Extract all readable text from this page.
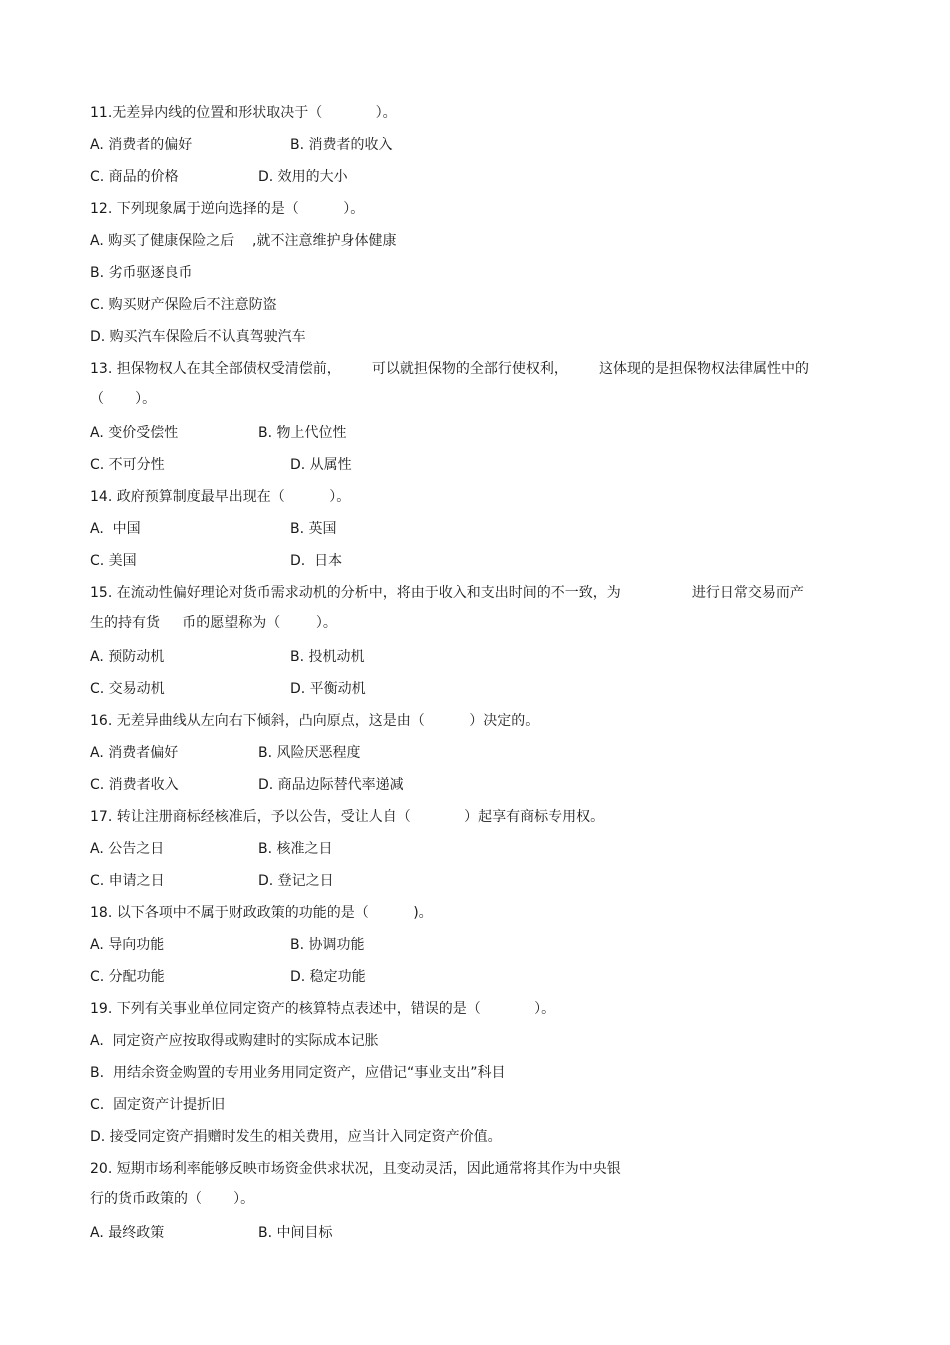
11.无差异内线的位置和形状取决于（            ）。
A. 消费者的偏好	B. 消费者的收入
C. 商品的价格	D. 效用的大小
12. 下列现象属于逆向选择的是（          ）。
A. 购买了健康保险之后    ,就不注意维护身体健康
B. 劣币驱逐良币
C. 购买财产保险后不注意防盗
D. 购买汽车保险后不认真驾驶汽车
13. 担保物权人在其全部债权受清偿前，       可以就担保物的全部行使权利，       这体现的是担保物权法律属性中的
（       ）。
A. 变价受偿性	B. 物上代位性
C. 不可分性	D. 从属性
14. 政府预算制度最早出现在（          ）。
A.  中国	B. 英国
C. 美国	D.  日本
15. 在流动性偏好理论对货币需求动机的分析中，将由于收入和支出时间的不一致，为                进行日常交易而产
生的持有货     币的愿望称为（        ）。
A. 预防动机	B. 投机动机
C. 交易动机	D. 平衡动机
16. 无差异曲线从左向右下倾斜，凸向原点，这是由（          ）决定的。
A. 消费者偏好	B. 风险厌恶程度
C. 消费者收入	D. 商品边际替代率递减
17. 转让注册商标经核准后，予以公告，受让人自（            ）起享有商标专用权。
A. 公告之日	B. 核准之日
C. 申请之日	D. 登记之日
18. 以下各项中不属于财政政策的功能的是（          )。
A. 导向功能	B. 协调功能
C. 分配功能	D. 稳定功能
19. 下列有关事业单位同定资产的核算特点表述中，错误的是（            ）。
A.  同定资产应按取得或购建时的实际成本记胀
B.  用结余资金购置的专用业务用同定资产，应借记“事业支出”科目
C.  固定资产计提折旧
D. 接受同定资产捐赠时发生的相关费用，应当计入同定资产价值。
20. 短期市场利率能够反映市场资金供求状况，且变动灵活，因此通常将其作为中央银
行的货币政策的（       ）。
A. 最终政策	B. 中间目标
